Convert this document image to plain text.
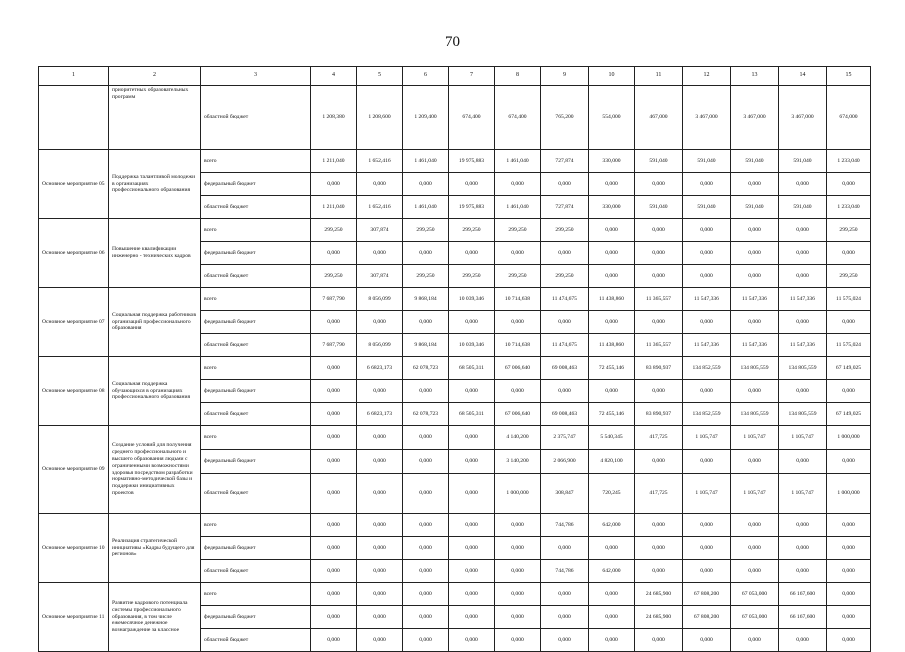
70
1	2	3	4	5	6	7	8	9	10	11	12	13	14	15
	приоритетных образовательных программ	областной бюджет	1 208,380	1 208,600	1 209,400	674,400	674,400	765,200	554,000	467,000	3 467,000	3 467,000	3 467,000	674,000
Основное мероприятие 05	Поддержка талантливой молодежи в организациях профессионального образования	всего	1 211,040	1 652,416	1 461,040	19 975,883	1 461,040	727,874	330,000	591,040	591,040	591,040	591,040	1 233,040
		федеральный бюджет	0,000	0,000	0,000	0,000	0,000	0,000	0,000	0,000	0,000	0,000	0,000	0,000
		областной бюджет	1 211,040	1 652,416	1 461,040	19 975,883	1 461,040	727,874	330,000	591,040	591,040	591,040	591,040	1 233,040
Основное мероприятие 06	Повышение квалификации инженерно - технических кадров	всего	299,250	307,874	299,250	299,250	299,250	299,250	0,000	0,000	0,000	0,000	0,000	299,250
		федеральный бюджет	0,000	0,000	0,000	0,000	0,000	0,000	0,000	0,000	0,000	0,000	0,000	0,000
		областной бюджет	299,250	307,874	299,250	299,250	299,250	299,250	0,000	0,000	0,000	0,000	0,000	299,250
Основное мероприятие 07	Социальная поддержка работников организаций профессионального образования	всего	7 687,790	8 056,099	9 868,184	10 039,346	10 714,638	11 474,675	11 438,860	11 365,557	11 547,336	11 547,336	11 547,336	11 575,024
		федеральный бюджет	0,000	0,000	0,000	0,000	0,000	0,000	0,000	0,000	0,000	0,000	0,000	0,000
		областной бюджет	7 687,790	8 056,099	9 868,184	10 039,346	10 714,638	11 474,675	11 438,860	11 365,557	11 547,336	11 547,336	11 547,336	11 575,024
Основное мероприятие 08	Социальная поддержка обучающихся в организациях профессионального образования	всего	0,000	6 6823,173	62 078,723	68 505,311	67 006,640	69 008,463	72 455,146	83 890,937	134 852,559	134 805,559	134 805,559	67 149,025
		федеральный бюджет	0,000	0,000	0,000	0,000	0,000	0,000	0,000	0,000	0,000	0,000	0,000	0,000
		областной бюджет	0,000	6 6823,173	62 078,723	68 505,311	67 006,640	69 008,463	72 455,146	83 890,937	134 852,559	134 805,559	134 805,559	67 149,025
Основное мероприятие 09	Создание условий для получения среднего профессионального и высшего образования людьми с ограниченными возможностями здоровья посредством разработки нормативно-методической базы и поддержки инициативных проектов	всего	0,000	0,000	0,000	0,000	4 140,200	2 375,747	5 540,345	417,725	1 105,747	1 105,747	1 105,747	1 000,000
		федеральный бюджет	0,000	0,000	0,000	0,000	3 140,200	2 066,900	4 820,100	0,000	0,000	0,000	0,000	0,000
		областной бюджет	0,000	0,000	0,000	0,000	1 000,000	308,847	720,245	417,725	1 105,747	1 105,747	1 105,747	1 000,000
Основное мероприятие 10	Реализация стратегической инициативы «Кадры будущего для регионов»	всего	0,000	0,000	0,000	0,000	0,000	744,786	642,000	0,000	0,000	0,000	0,000	0,000
		федеральный бюджет	0,000	0,000	0,000	0,000	0,000	0,000	0,000	0,000	0,000	0,000	0,000	0,000
		областной бюджет	0,000	0,000	0,000	0,000	0,000	744,786	642,000	0,000	0,000	0,000	0,000	0,000
Основное мероприятие 11	Развитие кадрового потенциала системы профессионального образования, в том числе ежемесячное денежное вознаграждение за классное	всего	0,000	0,000	0,000	0,000	0,000	0,000	0,000	24 685,900	67 808,200	67 053,000	66 167,600	0,000
		федеральный бюджет	0,000	0,000	0,000	0,000	0,000	0,000	0,000	24 685,900	67 808,200	67 053,000	66 167,600	0,000
		областной бюджет	0,000	0,000	0,000	0,000	0,000	0,000	0,000	0,000	0,000	0,000	0,000	0,000
